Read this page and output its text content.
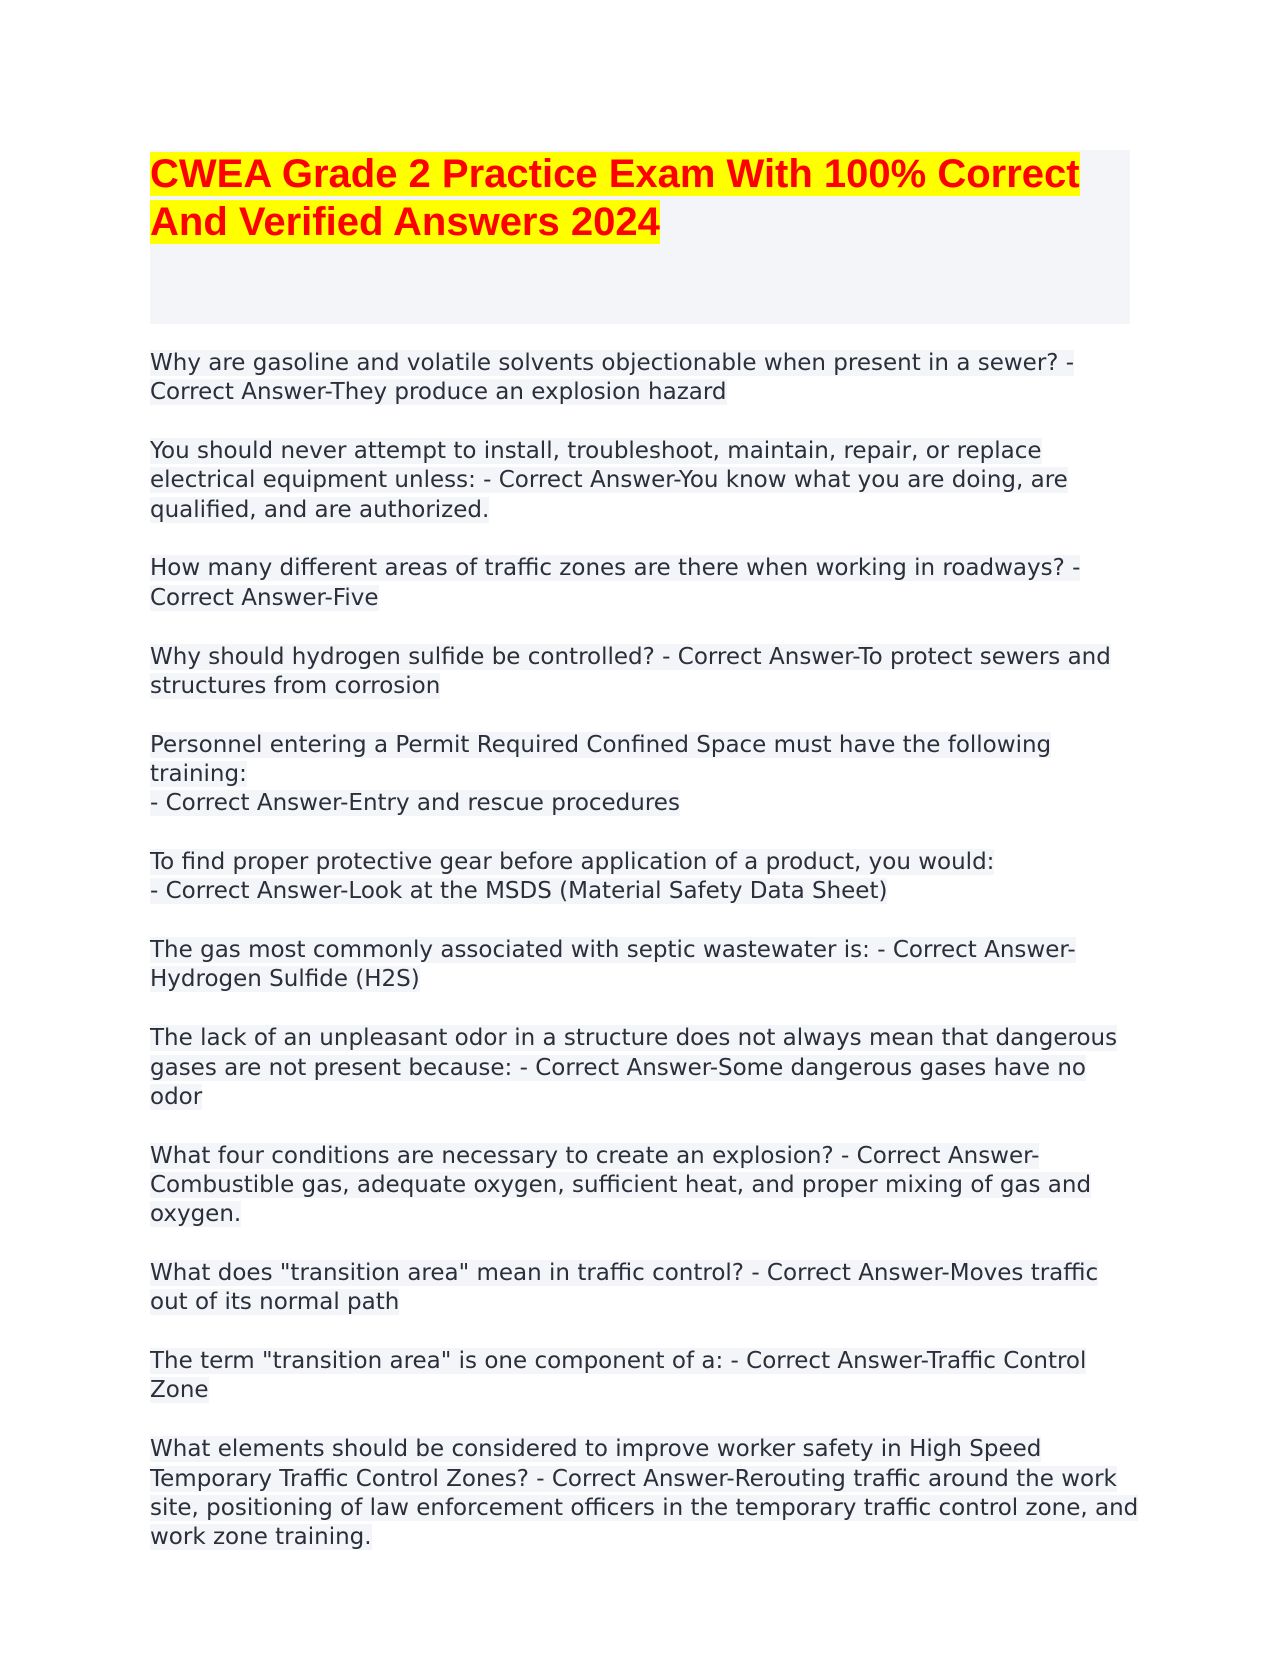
CWEA Grade 2 Practice Exam With 100% Correct And Verified Answers 2024
Why are gasoline and volatile solvents objectionable when present in a sewer? - Correct Answer-They produce an explosion hazard
You should never attempt to install, troubleshoot, maintain, repair, or replace electrical equipment unless: - Correct Answer-You know what you are doing, are qualified, and are authorized.
How many different areas of traffic zones are there when working in roadways? - Correct Answer-Five
Why should hydrogen sulfide be controlled? - Correct Answer-To protect sewers and structures from corrosion
Personnel entering a Permit Required Confined Space must have the following training:
- Correct Answer-Entry and rescue procedures
To find proper protective gear before application of a product, you would:
- Correct Answer-Look at the MSDS (Material Safety Data Sheet)
The gas most commonly associated with septic wastewater is: - Correct Answer- Hydrogen Sulfide (H2S)
The lack of an unpleasant odor in a structure does not always mean that dangerous gases are not present because: - Correct Answer-Some dangerous gases have no odor
What four conditions are necessary to create an explosion? - Correct Answer-Combustible gas, adequate oxygen, sufficient heat, and proper mixing of gas and oxygen.
What does "transition area" mean in traffic control? - Correct Answer-Moves traffic out of its normal path
The term "transition area" is one component of a: - Correct Answer-Traffic Control Zone
What elements should be considered to improve worker safety in High Speed Temporary Traffic Control Zones? - Correct Answer-Rerouting traffic around the work site, positioning of law enforcement officers in the temporary traffic control zone, and work zone training.
